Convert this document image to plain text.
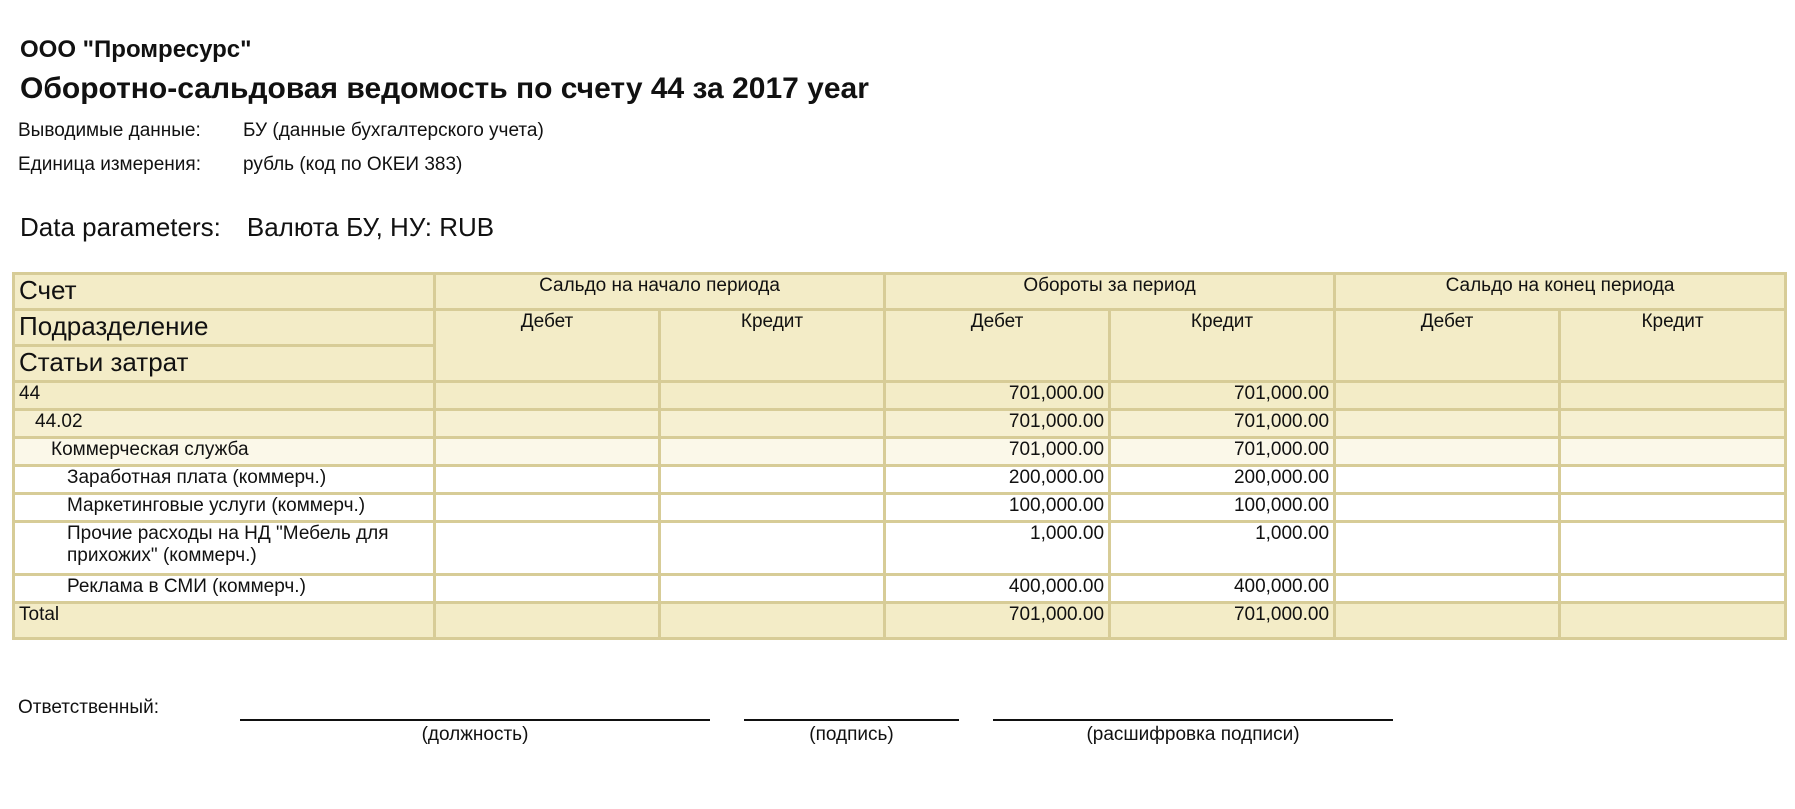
ООО "Промресурс"
Оборотно-сальдовая ведомость по счету 44 за 2017 year
Выводимые данные: БУ (данные бухгалтерского учета)
Единица измерения: рубль (код по ОКЕИ 383)
Data parameters: Валюта БУ, НУ: RUB
Счет	Сальдо на начало периода		Обороты за период		Сальдо на конец периода	
Подразделение	Дебет	Кредит	Дебет	Кредит	Дебет	Кредит
Статьи затрат						
44			701,000.00	701,000.00		
44.02			701,000.00	701,000.00		
Коммерческая служба			701,000.00	701,000.00		
Заработная плата (коммерч.)			200,000.00	200,000.00		
Маркетинговые услуги (коммерч.)			100,000.00	100,000.00		
Прочие расходы на НД "Мебель для прихожих" (коммерч.)			1,000.00	1,000.00		
Реклама в СМИ (коммерч.)			400,000.00	400,000.00		
Total			701,000.00	701,000.00		
Ответственный:
(должность)	(подпись)	(расшифровка подписи)
